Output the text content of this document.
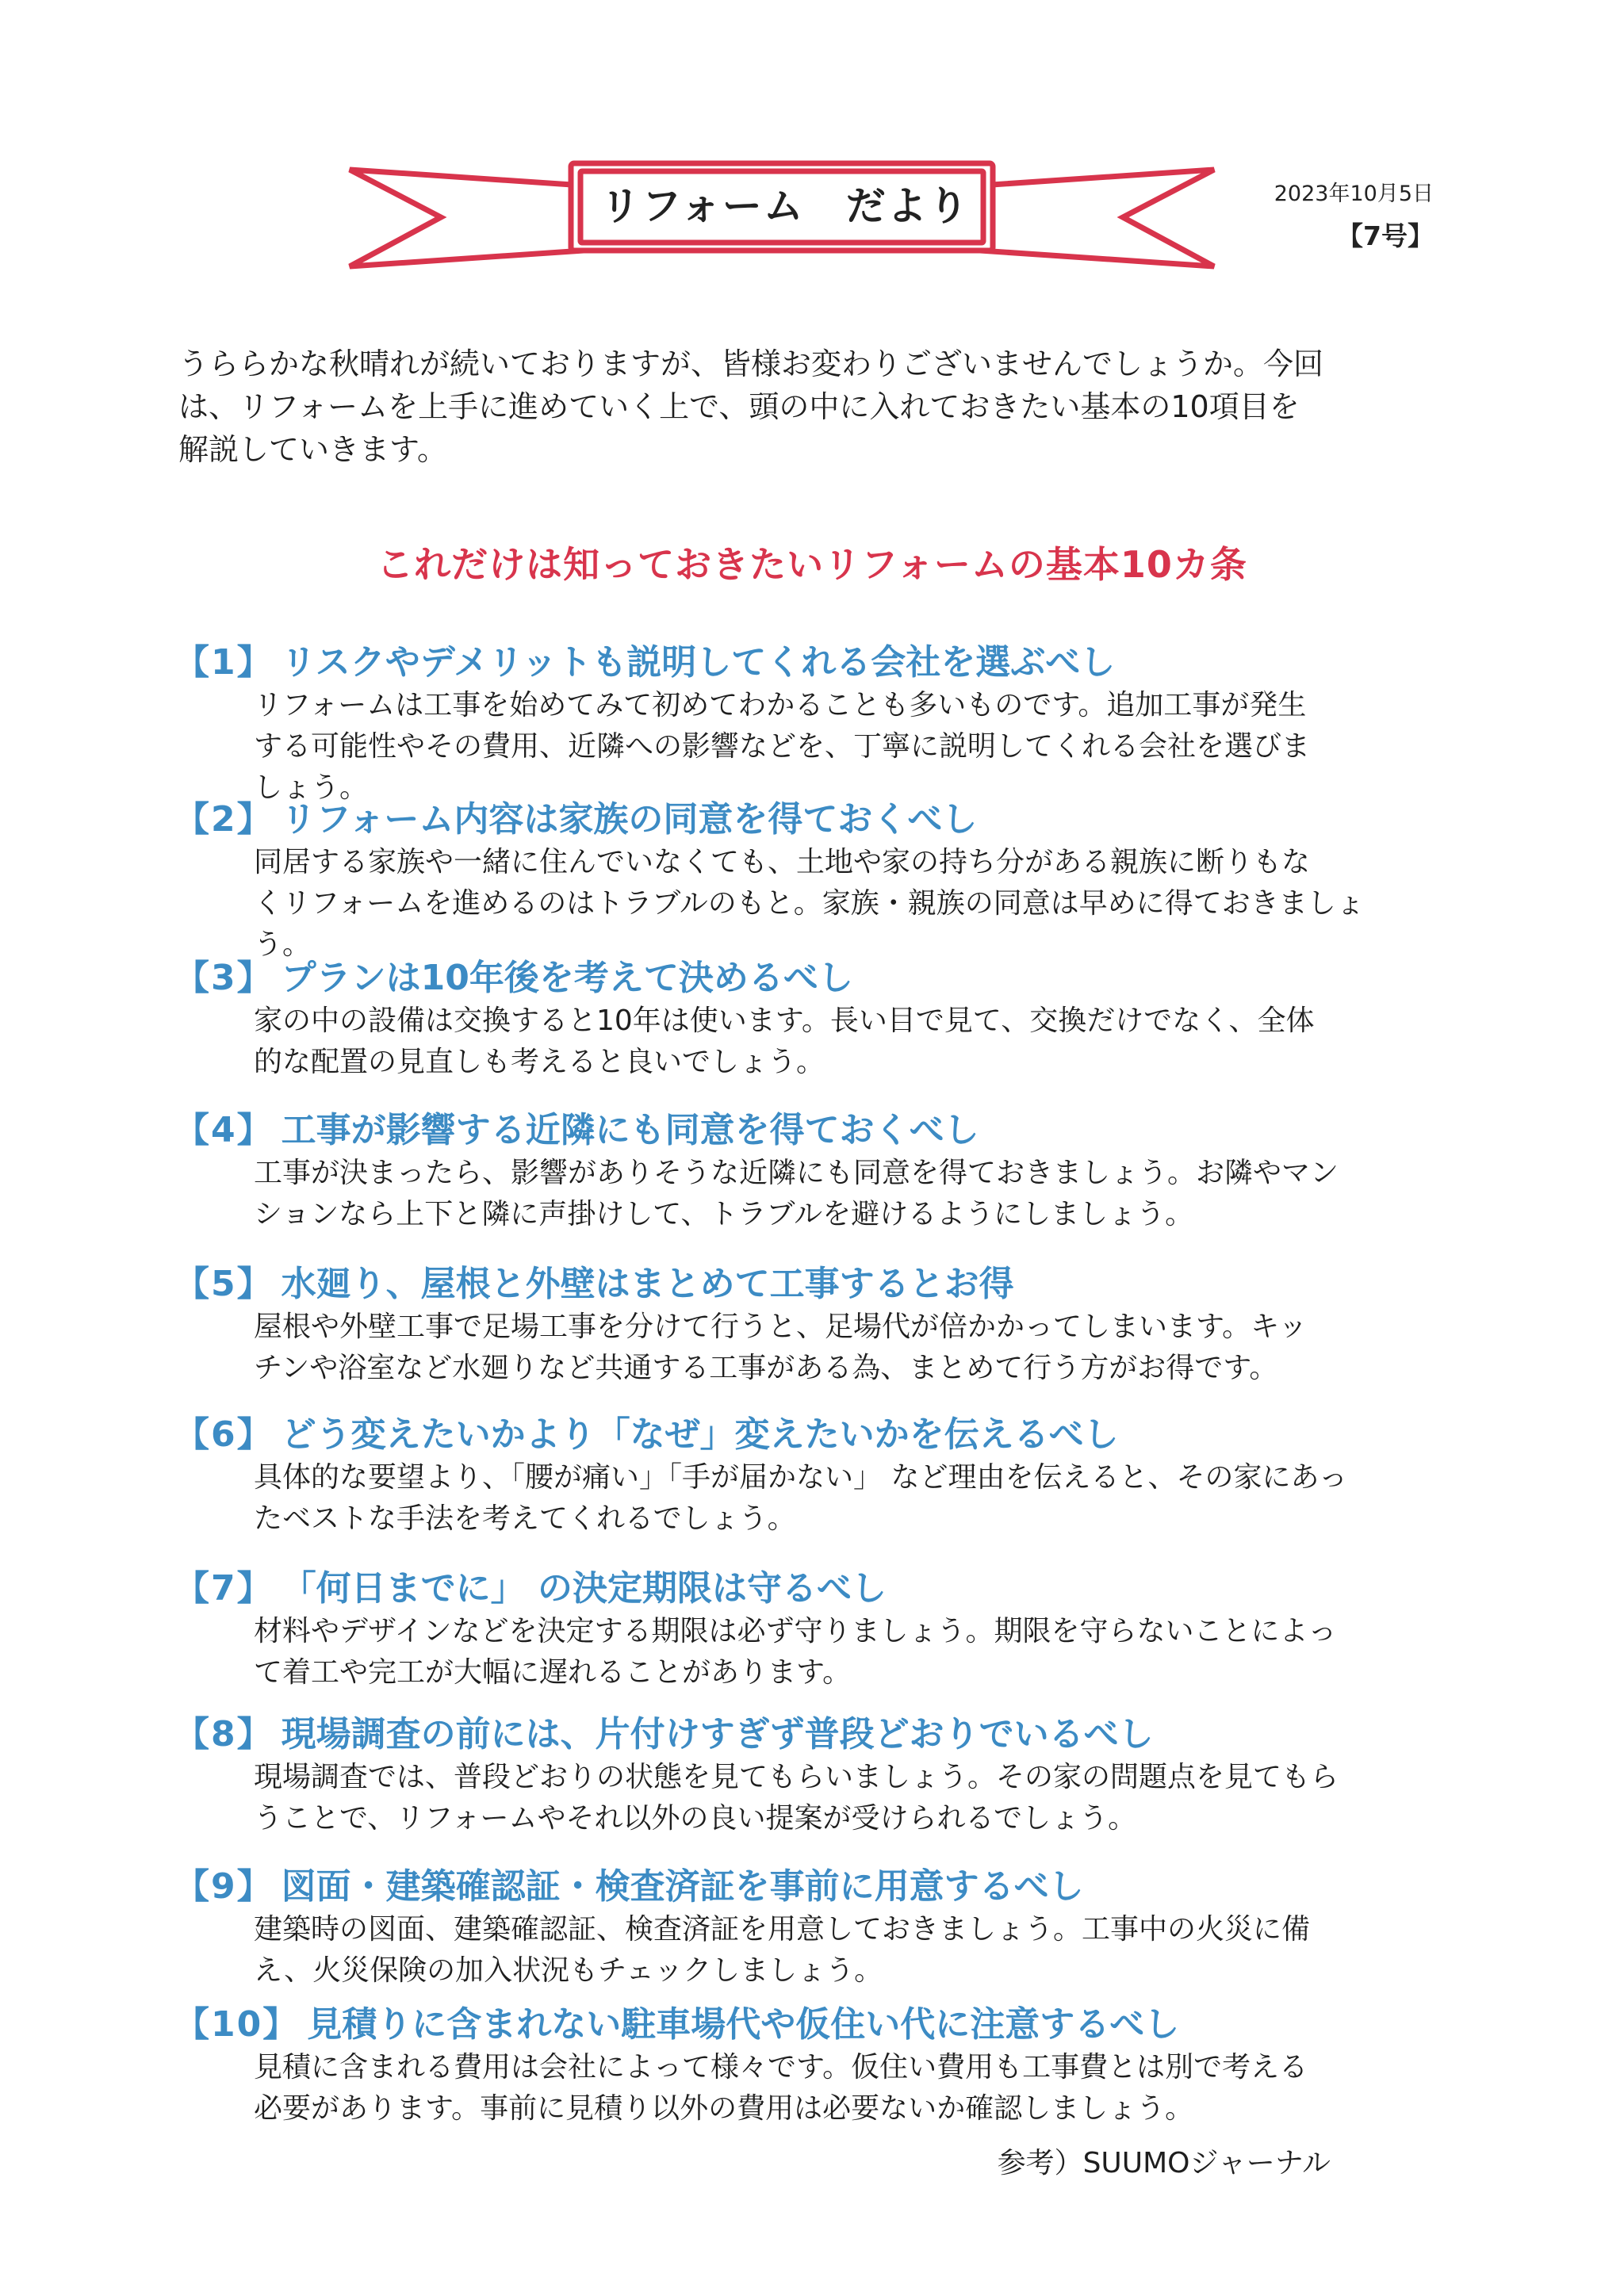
リフォーム　だより	2023年10月5日
【7号】

うららかな秋晴れが続いておりますが、皆様お変わりございませんでしょうか。今回

は、リフォームを上手に進めていく上で、頭の中に入れておきたい基本の10項目を

解説していきます。

これだけは知っておきたいリフォームの基本10カ条
【1】 リスクやデメリットも説明してくれる会社を選ぶべし

リフォームは工事を始めてみて初めてわかることも多いものです。追加工事が発生

する可能性やその費用、近隣への影響などを、丁寧に説明してくれる会社を選びま

しょう。

【2】 リフォーム内容は家族の同意を得ておくべし

同居する家族や一緒に住んでいなくても、土地や家の持ち分がある親族に断りもな

くリフォームを進めるのはトラブルのもと。家族・親族の同意は早めに得ておきましょ

う。

【3】 プランは10年後を考えて決めるべし

家の中の設備は交換すると10年は使います。長い目で見て、交換だけでなく、全体

的な配置の見直しも考えると良いでしょう。

【4】 工事が影響する近隣にも同意を得ておくべし

工事が決まったら、影響がありそうな近隣にも同意を得ておきましょう。お隣やマン

ションなら上下と隣に声掛けして、トラブルを避けるようにしましょう。

【5】 水廻り、屋根と外壁はまとめて工事するとお得

屋根や外壁工事で足場工事を分けて行うと、足場代が倍かかってしまいます。キッ

チンや浴室など水廻りなど共通する工事がある為、まとめて行う方がお得です。

【6】 どう変えたいかより「なぜ」変えたいかを伝えるべし

具体的な要望より、「腰が痛い」「手が届かない」 など理由を伝えると、その家にあっ

たベストな手法を考えてくれるでしょう。

【7】 「何日までに」 の決定期限は守るべし

材料やデザインなどを決定する期限は必ず守りましょう。期限を守らないことによっ

て着工や完工が大幅に遅れることがあります。

【8】 現場調査の前には、片付けすぎず普段どおりでいるべし

現場調査では、普段どおりの状態を見てもらいましょう。その家の問題点を見てもら

うことで、リフォームやそれ以外の良い提案が受けられるでしょう。

【9】 図面・建築確認証・検査済証を事前に用意するべし

建築時の図面、建築確認証、検査済証を用意しておきましょう。工事中の火災に備

え、火災保険の加入状況もチェックしましょう。

【10】 見積りに含まれない駐車場代や仮住い代に注意するべし

見積に含まれる費用は会社によって様々です。仮住い費用も工事費とは別で考える

必要があります。事前に見積り以外の費用は必要ないか確認しましょう。

参考）SUUMOジャーナル
